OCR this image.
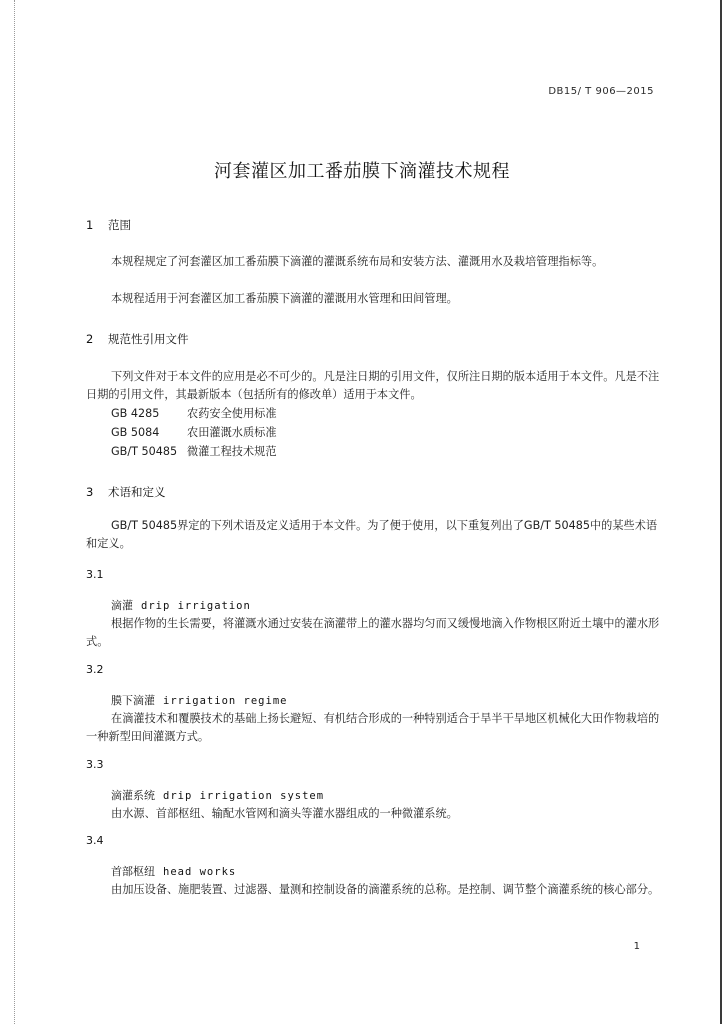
DB15/ T 906—2015
河套灌区加工番茄膜下滴灌技术规程
1 范围
本规程规定了河套灌区加工番茄膜下滴灌的灌溉系统布局和安装方法、灌溉用水及栽培管理指标等。
本规程适用于河套灌区加工番茄膜下滴灌的灌溉用水管理和田间管理。
2 规范性引用文件
下列文件对于本文件的应用是必不可少的。凡是注日期的引用文件，仅所注日期的版本适用于本文件。凡是不注日期的引用文件，其最新版本（包括所有的修改单）适用于本文件。
GB 4285 农药安全使用标准
GB 5084 农田灌溉水质标准
GB/T 50485 微灌工程技术规范
3 术语和定义
GB/T 50485界定的下列术语及定义适用于本文件。为了便于使用，以下重复列出了GB/T 50485中的某些术语和定义。
3.1
滴灌 drip irrigation
根据作物的生长需要，将灌溉水通过安装在滴灌带上的灌水器均匀而又缓慢地滴入作物根区附近土壤中的灌水形式。
3.2
膜下滴灌 irrigation regime
在滴灌技术和覆膜技术的基础上扬长避短、有机结合形成的一种特别适合于旱半干旱地区机械化大田作物栽培的一种新型田间灌溉方式。
3.3
滴灌系统 drip irrigation system
由水源、首部枢纽、输配水管网和滴头等灌水器组成的一种微灌系统。
3.4
首部枢纽 head works
由加压设备、施肥装置、过滤器、量测和控制设备的滴灌系统的总称。是控制、调节整个滴灌系统的核心部分。
1
